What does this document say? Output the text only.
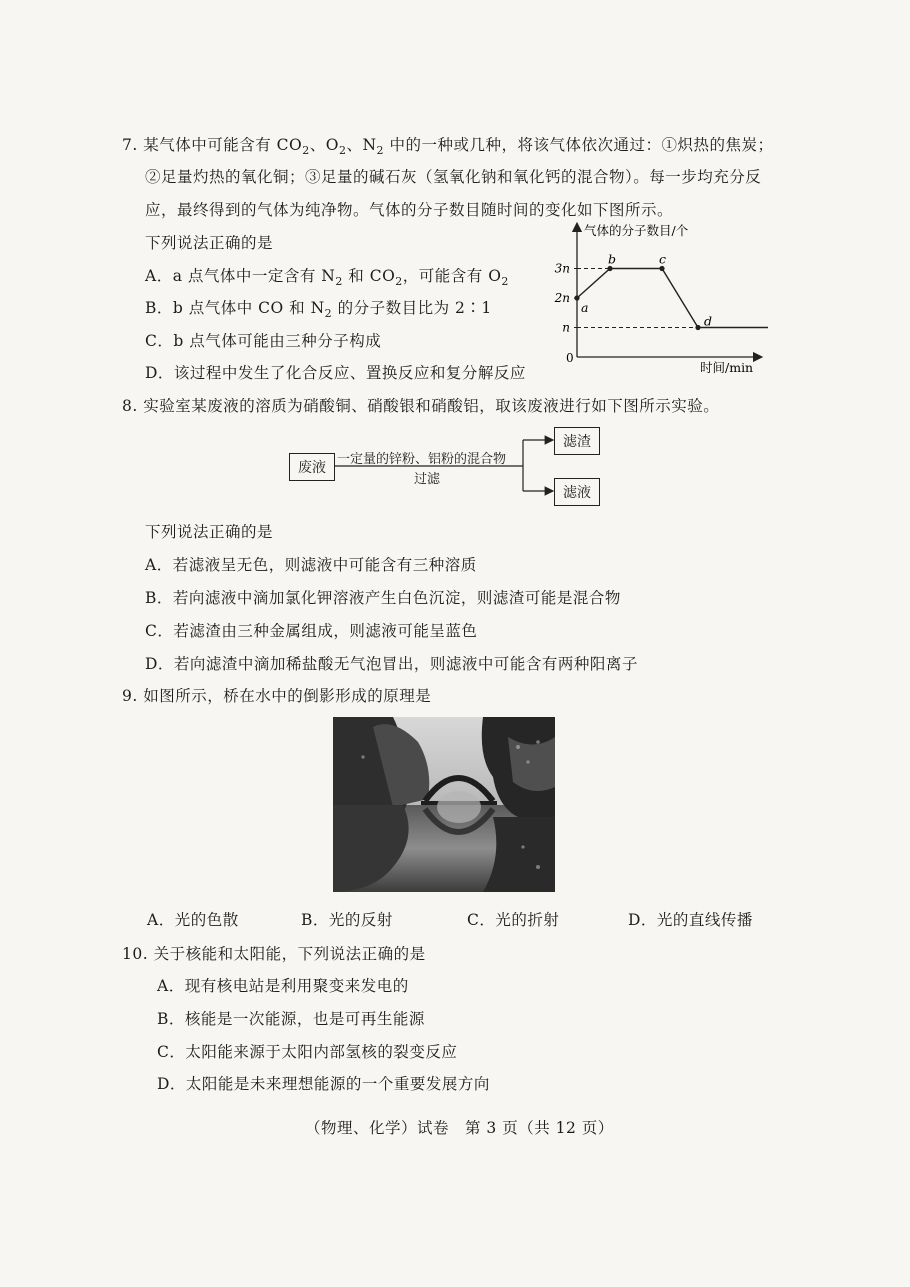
7. 某气体中可能含有 $CO_2$、$O_2$、$N_2$ 中的一种或几种，将该气体依次通过：①炽热的焦炭；
②足量灼热的氧化铜；③足量的碱石灰（氢氧化钠和氧化钙的混合物）。每一步均充分反
应，最终得到的气体为纯净物。气体的分子数目随时间的变化如下图所示。
下列说法正确的是
A．a 点气体中一定含有 $N_2$ 和 $CO_2$，可能含有 $O_2$
B．b 点气体中 CO 和 $N_2$ 的分子数目比为 2∶1
C．b 点气体可能由三种分子构成
D．该过程中发生了化合反应、置换反应和复分解反应
气体的分子数目/个
时间/min
0
n
2n
3n
a
b	c
d
8. 实验室某废液的溶质为硝酸铜、硝酸银和硝酸铝，取该废液进行如下图所示实验。
废液
滤渣
滤液
一定量的锌粉、铝粉的混合物
过滤
下列说法正确的是
A．若滤液呈无色，则滤液中可能含有三种溶质
B．若向滤液中滴加氯化钾溶液产生白色沉淀，则滤渣可能是混合物
C．若滤渣由三种金属组成，则滤液可能呈蓝色
D．若向滤渣中滴加稀盐酸无气泡冒出，则滤液中可能含有两种阳离子
9. 如图所示，桥在水中的倒影形成的原理是
A．光的色散	B．光的反射	C．光的折射	D．光的直线传播
10. 关于核能和太阳能，下列说法正确的是
A．现有核电站是利用聚变来发电的
B．核能是一次能源，也是可再生能源
C．太阳能来源于太阳内部氢核的裂变反应
D．太阳能是未来理想能源的一个重要发展方向
（物理、化学）试卷　第 3 页（共 12 页）
